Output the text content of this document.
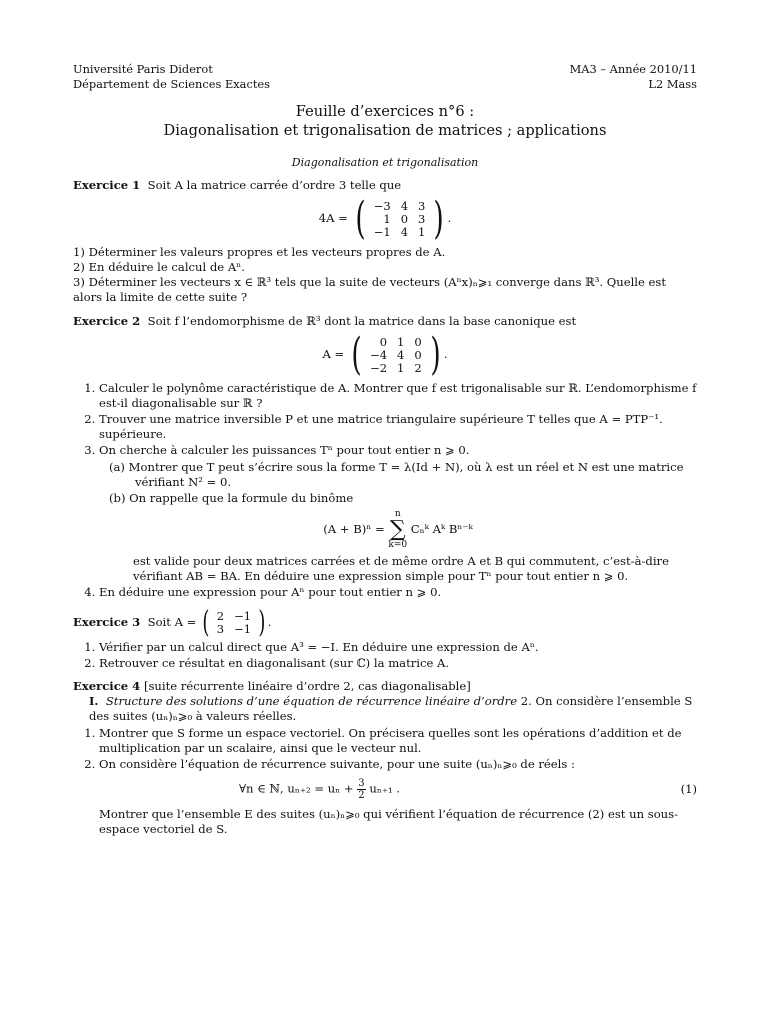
Université Paris Diderot
Département de Sciences Exactes
MA3 – Année 2010/11
L2 Mass
Feuille d’exercices n°6 :
Diagonalisation et trigonalisation de matrices ; applications
Diagonalisation et trigonalisation
Exercice 1 Soit A la matrice carrée d’ordre 3 telle que
4A = ( −3	4	3
1	0	3
−1	4	1 ) .
1) Déterminer les valeurs propres et les vecteurs propres de A.
2) En déduire le calcul de Aⁿ.
3) Déterminer les vecteurs x ∈ ℝ³ tels que la suite de vecteurs (Aⁿx)ₙ⩾₁ converge dans ℝ³. Quelle est alors la limite de cette suite ?
Exercice 2 Soit f l’endomorphisme de ℝ³ dont la matrice dans la base canonique est
A = ( 0	1	0
−4	4	0
−2	1	2 ) .
1. Calculer le polynôme caractéristique de A. Montrer que f est trigonalisable sur ℝ. L’endomorphisme f est-il diagonalisable sur ℝ ?
2. Trouver une matrice inversible P et une matrice triangulaire supérieure T telles que A = PTP⁻¹. supérieure.
3. On cherche à calculer les puissances Tⁿ pour tout entier n ⩾ 0.
(a) Montrer que T peut s’écrire sous la forme T = λ(Id + N), où λ est un réel et N est une matrice vérifiant N² = 0.
(b) On rappelle que la formule du binôme
(A + B)ⁿ =
n
∑
k=0
Cₙᵏ Aᵏ Bⁿ⁻ᵏ
est valide pour deux matrices carrées et de même ordre A et B qui commutent, c’est-à-dire vérifiant AB = BA. En déduire une expression simple pour Tⁿ pour tout entier n ⩾ 0.
4. En déduire une expression pour Aⁿ pour tout entier n ⩾ 0.
Exercice 3 Soit A = ( 2	−1
3	−1 ) .
1. Vérifier par un calcul direct que A³ = −I. En déduire une expression de Aⁿ.
2. Retrouver ce résultat en diagonalisant (sur ℂ) la matrice A.
Exercice 4 [suite récurrente linéaire d’ordre 2, cas diagonalisable]
I. Structure des solutions d’une équation de récurrence linéaire d’ordre 2. On considère l’ensemble S des suites (uₙ)ₙ⩾₀ à valeurs réelles.
1. Montrer que S forme un espace vectoriel. On précisera quelles sont les opérations d’addition et de multiplication par un scalaire, ainsi que le vecteur nul.
2. On considère l’équation de récurrence suivante, pour une suite (uₙ)ₙ⩾₀ de réels :
∀n ∈ ℕ, $u_{n+2} = u_n + \frac{3}{2} u_{n+1}$ .	(1)
Montrer que l’ensemble E des suites (uₙ)ₙ⩾₀ qui vérifient l’équation de récurrence (2) est un sous-espace vectoriel de S.
